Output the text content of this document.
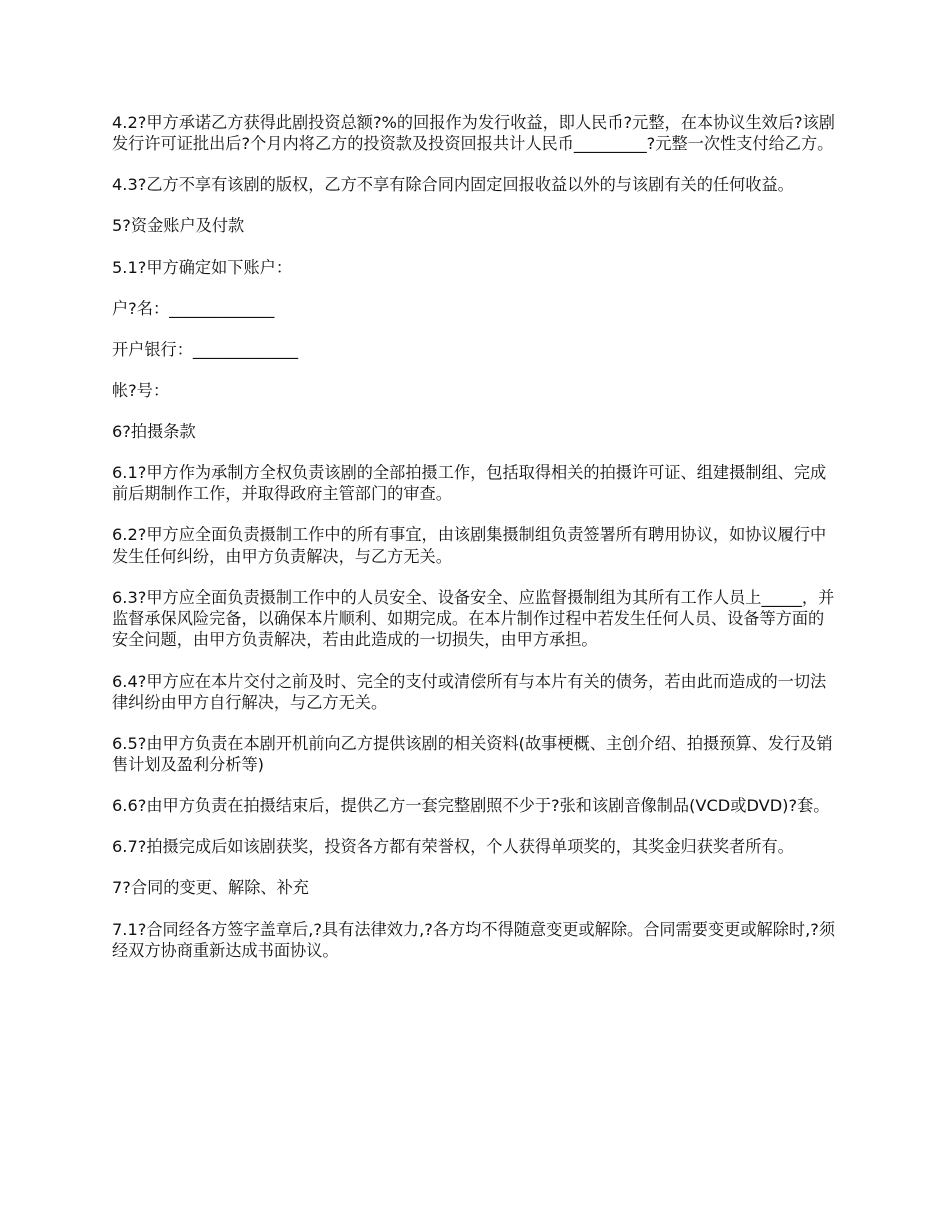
4.2?甲方承诺乙方获得此剧投资总额?%的回报作为发行收益，即人民币?元整，在本协议生效后?该剧发行许可证批出后?个月内将乙方的投资款及投资回报共计人民币_________?元整一次性支付给乙方。

4.3?乙方不享有该剧的版权，乙方不享有除合同内固定回报收益以外的与该剧有关的任何收益。

5?资金账户及付款

5.1?甲方确定如下账户：

户?名：_____________

开户银行：_____________

帐?号：

6?拍摄条款

6.1?甲方作为承制方全权负责该剧的全部拍摄工作，包括取得相关的拍摄许可证、组建摄制组、完成前后期制作工作，并取得政府主管部门的审查。

6.2?甲方应全面负责摄制工作中的所有事宜，由该剧集摄制组负责签署所有聘用协议，如协议履行中发生任何纠纷，由甲方负责解决，与乙方无关。

6.3?甲方应全面负责摄制工作中的人员安全、设备安全、应监督摄制组为其所有工作人员上_____，并监督承保风险完备，以确保本片顺利、如期完成。在本片制作过程中若发生任何人员、设备等方面的安全问题，由甲方负责解决，若由此造成的一切损失，由甲方承担。

6.4?甲方应在本片交付之前及时、完全的支付或清偿所有与本片有关的债务，若由此而造成的一切法律纠纷由甲方自行解决，与乙方无关。

6.5?由甲方负责在本剧开机前向乙方提供该剧的相关资料(故事梗概、主创介绍、拍摄预算、发行及销售计划及盈利分析等)

6.6?由甲方负责在拍摄结束后，提供乙方一套完整剧照不少于?张和该剧音像制品(VCD或DVD)?套。

6.7?拍摄完成后如该剧获奖，投资各方都有荣誉权，个人获得单项奖的，其奖金归获奖者所有。

7?合同的变更、解除、补充

7.1?合同经各方签字盖章后,?具有法律效力,?各方均不得随意变更或解除。合同需要变更或解除时,?须经双方协商重新达成书面协议。
